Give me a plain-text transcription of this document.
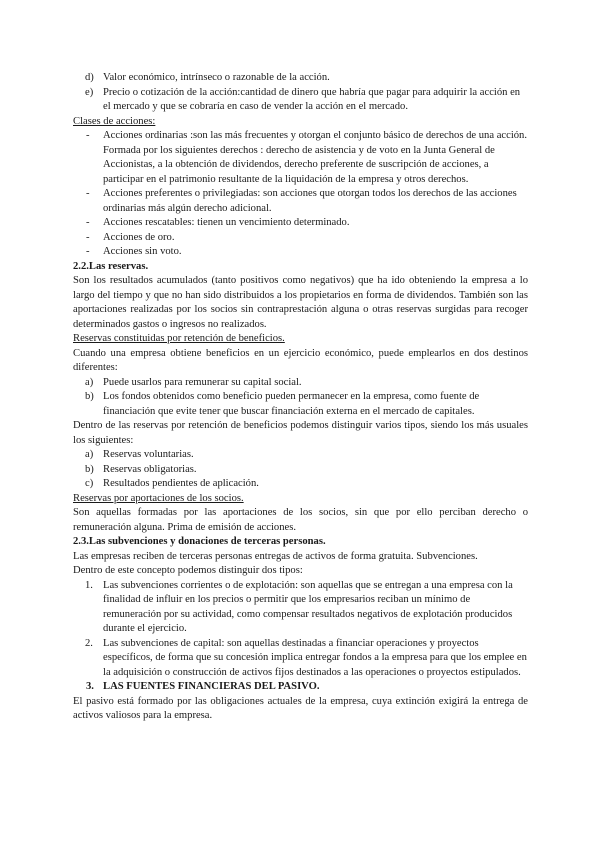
d) Valor económico, intrínseco o razonable de la acción.
e) Precio o cotización de la acción:cantidad de dinero que habría que pagar para adquirir la acción en el mercado y que se cobraría en caso de vender la acción en el mercado.

Clases de acciones:

- Acciones ordinarias :son las más frecuentes y otorgan el conjunto básico de derechos de una acción. Formada por los siguientes derechos : derecho de asistencia y de voto en la Junta General de Accionistas, a la obtención de dividendos, derecho preferente de suscripción de acciones, a participar en el patrimonio resultante de la liquidación de la empresa y otros derechos.
- Acciones preferentes o privilegiadas: son acciones que otorgan todos los derechos de las acciones ordinarias más algún derecho adicional.
- Acciones rescatables: tienen un vencimiento determinado.
- Acciones de oro.
- Acciones sin voto.

2.2.Las reservas.

Son los resultados acumulados (tanto positivos como negativos) que ha ido obteniendo la empresa a lo largo del tiempo y que no han sido distribuidos a los propietarios en forma de dividendos. También son las aportaciones realizadas por los socios sin contraprestación alguna o otras reservas surgidas para recoger determinados gastos o ingresos no realizados.

Reservas constituidas por retención de beneficios.

Cuando una empresa obtiene beneficios en un ejercicio económico, puede emplearlos en dos destinos diferentes:

a) Puede usarlos para remunerar su capital social.
b) Los fondos obtenidos como beneficio pueden permanecer en la empresa, como fuente de financiación que evite tener que buscar financiación externa en el mercado de capitales.

Dentro de las reservas por retención de beneficios podemos distinguir varios tipos, siendo los más usuales los siguientes:

a) Reservas voluntarias.
b) Reservas obligatorias.
c) Resultados pendientes de aplicación.

Reservas por aportaciones de los socios.

Son aquellas formadas por las aportaciones de los socios, sin que por ello perciban derecho o remuneración alguna. Prima de emisión de acciones.

2.3.Las subvenciones y donaciones de terceras personas.

Las empresas reciben de terceras personas entregas de activos de forma gratuita. Subvenciones.

Dentro de este concepto podemos distinguir dos tipos:

1. Las subvenciones corrientes o de explotación: son aquellas que se entregan a una empresa con la finalidad de influir en los precios o permitir que los empresarios reciban un mínimo de remuneración por su actividad, como compensar resultados negativos de explotación producidos durante el ejercicio.
2. Las subvenciones de capital: son aquellas destinadas a financiar operaciones y proyectos específicos, de forma que su concesión implica entregar fondos a la empresa para que los emplee en la adquisición o construcción de activos fijos destinados a las operaciones o proyectos estipulados.

3. LAS FUENTES FINANCIERAS DEL PASIVO.

El pasivo está formado por las obligaciones actuales de la empresa, cuya extinción exigirá la entrega de activos valiosos para la empresa.
